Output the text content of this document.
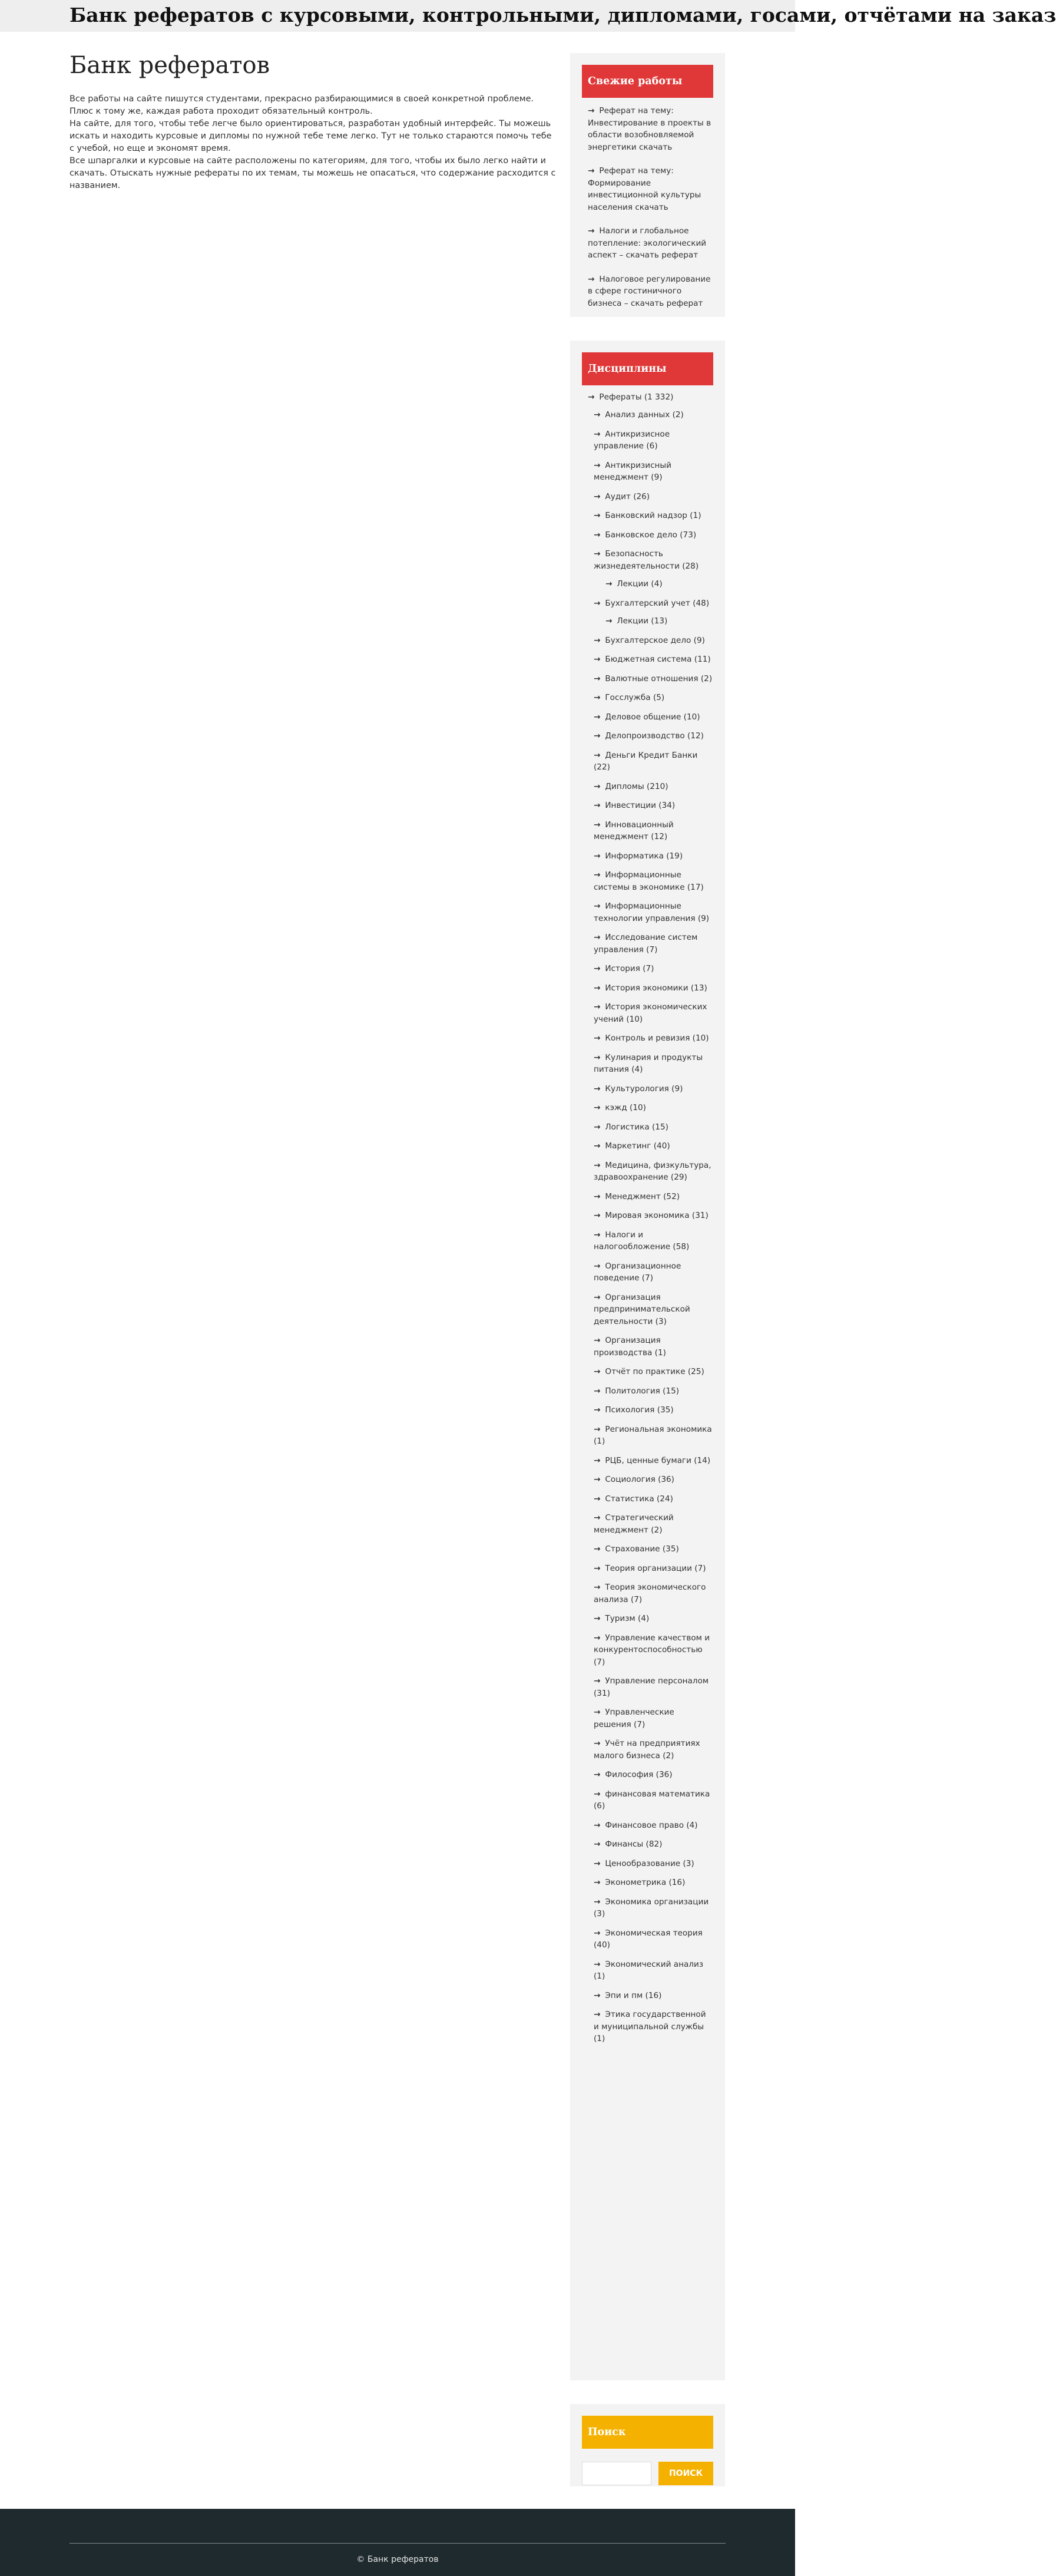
Банк рефератов с курсовыми, контрольными, дипломами, госами, отчётами на заказ
Банк рефератов

Все работы на сайте пишутся студентами, прекрасно разбирающимися в своей конкретной проблеме. Плюс к тому же, каждая работа проходит обязательный контроль.

На сайте, для того, чтобы тебе легче было ориентироваться, разработан удобный интерфейс. Ты можешь искать и находить курсовые и дипломы по нужной тебе теме легко. Тут не только стараются помочь тебе с учебой, но еще и экономят время.

Все шпаргалки и курсовые на сайте расположены по категориям, для того, чтобы их было легко найти и скачать. Отыскать нужные рефераты по их темам, ты можешь не опасаться, что содержание расходится с названием.

Свежие работы
→ Реферат на тему: Инвестирование в проекты в области возобновляемой энергетики скачать
→ Реферат на тему: Формирование инвестиционной культуры населения скачать
→ Налоги и глобальное потепление: экологический аспект – скачать реферат
→ Налоговое регулирование в сфере гостиничного бизнеса – скачать реферат
Дисциплины
→ Рефераты (1 332)
→ Анализ данных (2)
→ Антикризисное управление (6)
→ Антикризисный менеджмент (9)
→ Аудит (26)
→ Банковский надзор (1)
→ Банковское дело (73)
→ Безопасность жизнедеятельности (28)
→ Лекции (4)
→ Бухгалтерский учет (48)
→ Лекции (13)
→ Бухгалтерское дело (9)
→ Бюджетная система (11)
→ Валютные отношения (2)
→ Госслужба (5)
→ Деловое общение (10)
→ Делопроизводство (12)
→ Деньги Кредит Банки (22)
→ Дипломы (210)
→ Инвестиции (34)
→ Инновационный менеджмент (12)
→ Информатика (19)
→ Информационные системы в экономике (17)
→ Информационные технологии управления (9)
→ Исследование систем управления (7)
→ История (7)
→ История экономики (13)
→ История экономических учений (10)
→ Контроль и ревизия (10)
→ Кулинария и продукты питания (4)
→ Культурология (9)
→ кэжд (10)
→ Логистика (15)
→ Маркетинг (40)
→ Медицина, физкультура, здравоохранение (29)
→ Менеджмент (52)
→ Мировая экономика (31)
→ Налоги и налогообложение (58)
→ Организационное поведение (7)
→ Организация предпринимательской деятельности (3)
→ Организация производства (1)
→ Отчёт по практике (25)
→ Политология (15)
→ Психология (35)
→ Региональная экономика (1)
→ РЦБ, ценные бумаги (14)
→ Социология (36)
→ Статистика (24)
→ Стратегический менеджмент (2)
→ Страхование (35)
→ Теория организации (7)
→ Теория экономического анализа (7)
→ Туризм (4)
→ Управление качеством и конкурентоспособностью (7)
→ Управление персоналом (31)
→ Управленческие решения (7)
→ Учёт на предприятиях малого бизнеса (2)
→ Философия (36)
→ финансовая математика (6)
→ Финансовое право (4)
→ Финансы (82)
→ Ценообразование (3)
→ Эконометрика (16)
→ Экономика организации (3)
→ Экономическая теория (40)
→ Экономический анализ (1)
→ Эпи и пм (16)
→ Этика государственной и муниципальной службы (1)
Поиск
ПОИСК
© Банк рефератов
